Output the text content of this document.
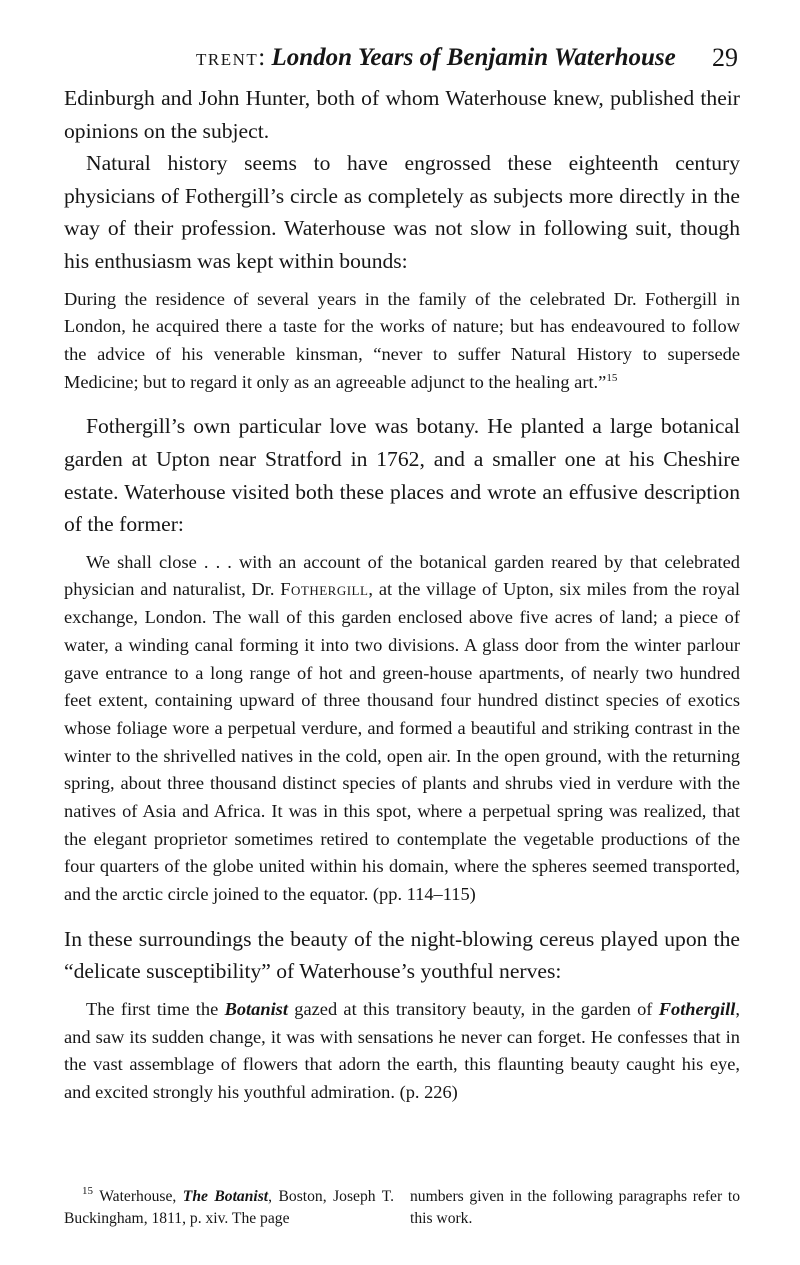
trent: London Years of Benjamin Waterhouse 29

Edinburgh and John Hunter, both of whom Waterhouse knew, published their opinions on the subject.

Natural history seems to have engrossed these eighteenth century physicians of Fothergill’s circle as completely as subjects more directly in the way of their profession. Waterhouse was not slow in following suit, though his enthusiasm was kept within bounds:

During the residence of several years in the family of the celebrated Dr. Fothergill in London, he acquired there a taste for the works of nature; but has endeavoured to follow the advice of his venerable kinsman, “never to suffer Natural History to supersede Medicine; but to regard it only as an agreeable adjunct to the healing art.”$^{15}$

Fothergill’s own particular love was botany. He planted a large botanical garden at Upton near Stratford in 1762, and a smaller one at his Cheshire estate. Waterhouse visited both these places and wrote an effusive description of the former:

We shall close . . . with an account of the botanical garden reared by that celebrated physician and naturalist, Dr. Fothergill, at the village of Upton, six miles from the royal exchange, London. The wall of this garden enclosed above five acres of land; a piece of water, a winding canal forming it into two divisions. A glass door from the winter parlour gave entrance to a long range of hot and green-house apartments, of nearly two hundred feet extent, containing upward of three thousand four hundred distinct species of exotics whose foliage wore a perpetual verdure, and formed a beautiful and striking contrast in the winter to the shrivelled natives in the cold, open air. In the open ground, with the returning spring, about three thousand distinct species of plants and shrubs vied in verdure with the natives of Asia and Africa. It was in this spot, where a perpetual spring was realized, that the elegant proprietor sometimes retired to contemplate the vegetable productions of the four quarters of the globe united within his domain, where the spheres seemed transported, and the arctic circle joined to the equator. (pp. 114–115)

In these surroundings the beauty of the night-blowing cereus played upon the “delicate susceptibility” of Waterhouse’s youthful nerves:

The first time the Botanist gazed at this transitory beauty, in the garden of Fothergill, and saw its sudden change, it was with sensations he never can forget. He confesses that in the vast assemblage of flowers that adorn the earth, this flaunting beauty caught his eye, and excited strongly his youthful admiration. (p. 226)

$^{15}$ Waterhouse, The Botanist, Boston, Joseph T. Buckingham, 1811, p. xiv. The page
numbers given in the following paragraphs refer to this work.
